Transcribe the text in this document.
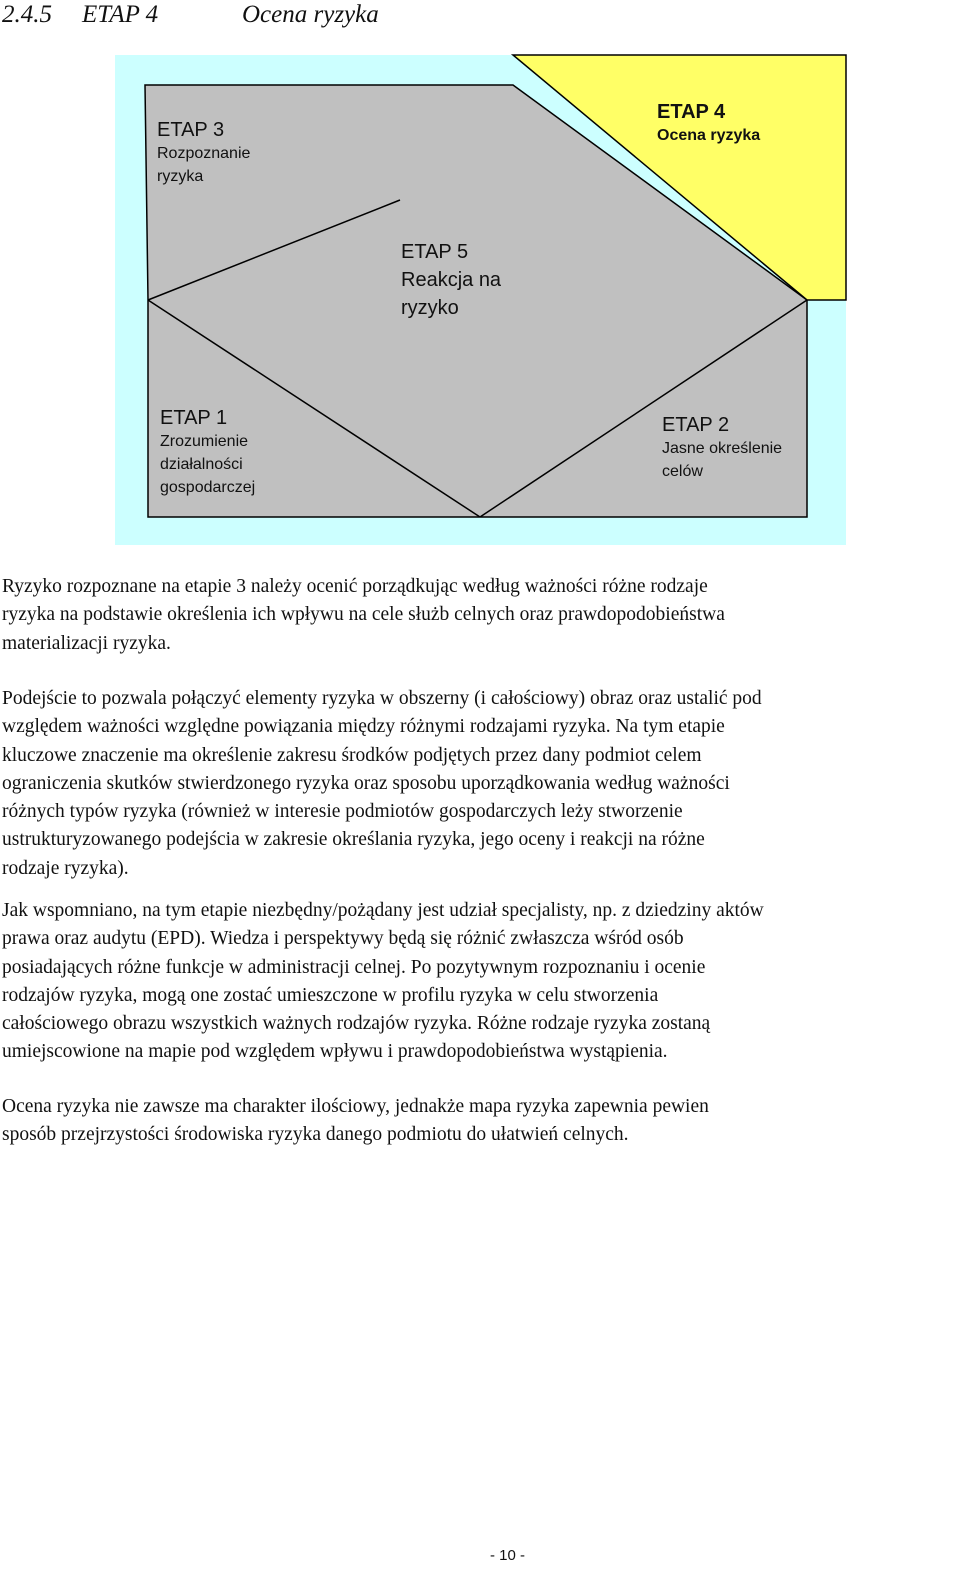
2.4.5 ETAP 4	Ocena ryzyka
ETAP 3
Rozpoznanie
ryzyka
ETAP 4
Ocena ryzyka
ETAP 5
Reakcja na
ryzyko
ETAP 1
Zrozumienie
działalności
gospodarczej
ETAP 2
Jasne określenie
celów
Ryzyko rozpoznane na etapie 3 należy ocenić porządkując według ważności różne rodzaje
ryzyka na podstawie określenia ich wpływu na cele służb celnych oraz prawdopodobieństwa
materializacji ryzyka.
Podejście to pozwala połączyć elementy ryzyka w obszerny (i całościowy) obraz oraz ustalić pod
względem ważności względne powiązania między różnymi rodzajami ryzyka. Na tym etapie
kluczowe znaczenie ma określenie zakresu środków podjętych przez dany podmiot celem
ograniczenia skutków stwierdzonego ryzyka oraz sposobu uporządkowania według ważności
różnych typów ryzyka (również w interesie podmiotów gospodarczych leży stworzenie
ustrukturyzowanego podejścia w zakresie określania ryzyka, jego oceny i reakcji na różne
rodzaje ryzyka).
Jak wspomniano, na tym etapie niezbędny/pożądany jest udział specjalisty, np. z dziedziny aktów
prawa oraz audytu (EPD). Wiedza i perspektywy będą się różnić zwłaszcza wśród osób
posiadających różne funkcje w administracji celnej. Po pozytywnym rozpoznaniu i ocenie
rodzajów ryzyka, mogą one zostać umieszczone w profilu ryzyka w celu stworzenia
całościowego obrazu wszystkich ważnych rodzajów ryzyka. Różne rodzaje ryzyka zostaną
umiejscowione na mapie pod względem wpływu i prawdopodobieństwa wystąpienia.
Ocena ryzyka nie zawsze ma charakter ilościowy, jednakże mapa ryzyka zapewnia pewien
sposób przejrzystości środowiska ryzyka danego podmiotu do ułatwień celnych.
- 10 -
